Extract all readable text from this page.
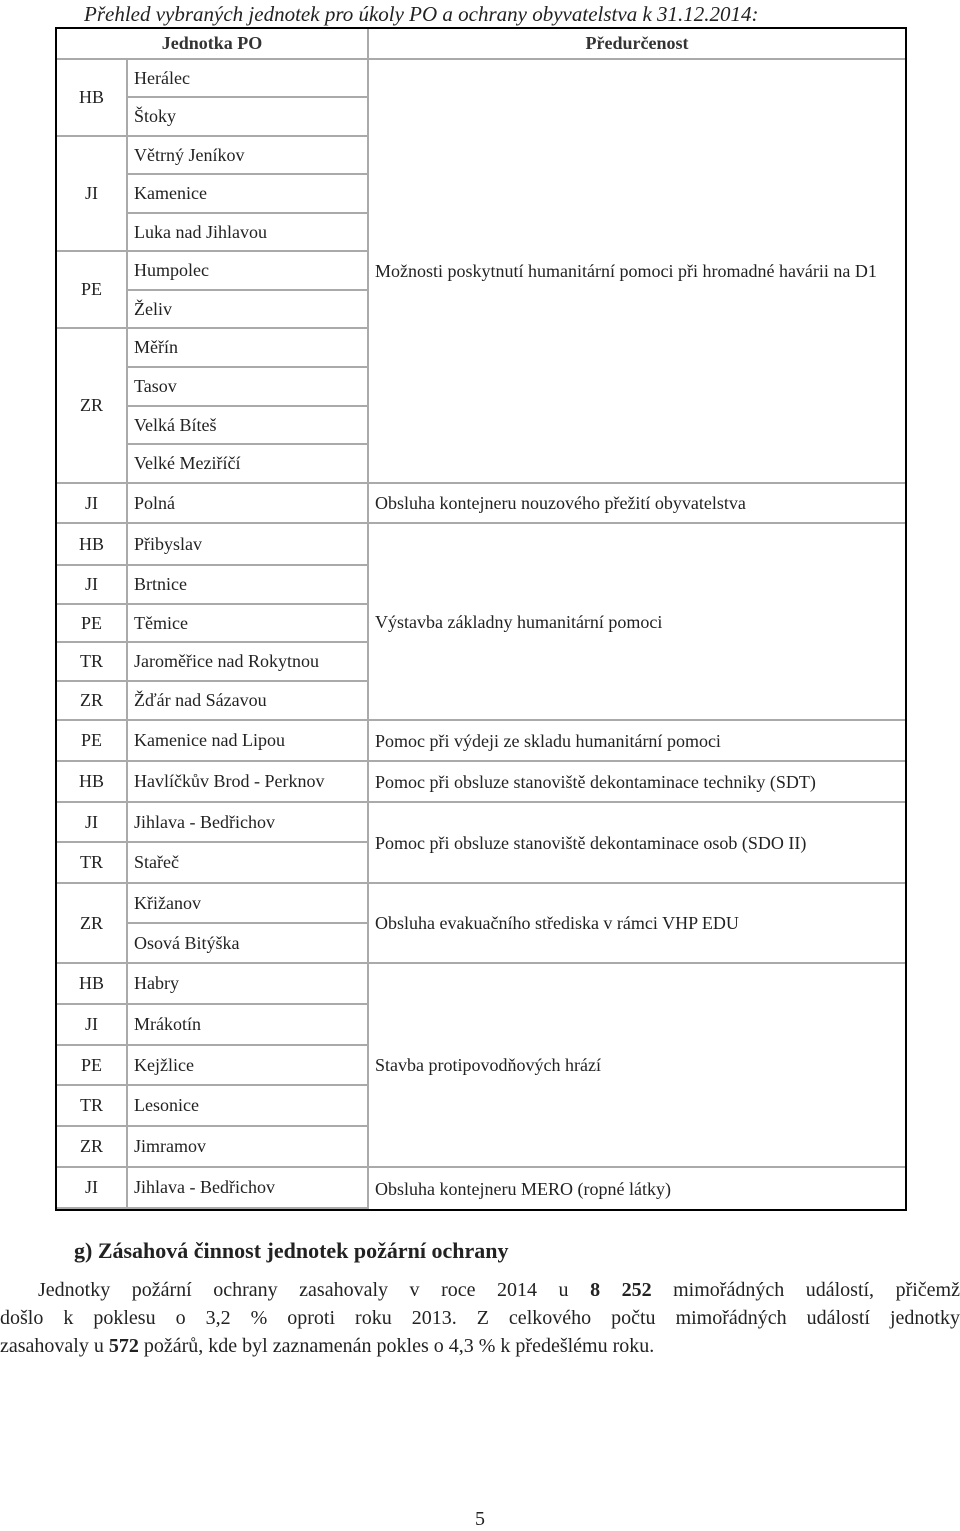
Přehled vybraných jednotek pro úkoly PO a ochrany obyvatelstva k 31.12.2014:
Jednotka PO	Předurčenost
HB
JI
PE
ZR
JI
HB
JI
PE
TR
ZR
PE
HB
JI
TR
ZR
HB
JI
PE
TR
ZR
JI
Herálec
Štoky
Větrný Jeníkov
Kamenice
Luka nad Jihlavou
Humpolec
Želiv
Měřín
Tasov
Velká Bíteš
Velké Meziříčí
Polná
Přibyslav
Brtnice
Těmice
Jaroměřice nad Rokytnou
Žďár nad Sázavou
Kamenice nad Lipou
Havlíčkův Brod - Perknov
Jihlava - Bedřichov
Stařeč
Křižanov
Osová Bitýška
Habry
Mrákotín
Kejžlice
Lesonice
Jimramov
Jihlava - Bedřichov
Možnosti poskytnutí humanitární pomoci při hromadné havárii na D1
Obsluha kontejneru nouzového přežití obyvatelstva
Výstavba základny humanitární pomoci
Pomoc při výdeji ze skladu humanitární pomoci
Pomoc při obsluze stanoviště dekontaminace techniky (SDT)
Pomoc při obsluze stanoviště dekontaminace osob (SDO II)
Obsluha evakuačního střediska v rámci VHP EDU
Stavba protipovodňových hrází
Obsluha kontejneru MERO (ropné látky)
g) Zásahová činnost jednotek požární ochrany
Jednotky požární ochrany zasahovaly v roce 2014 u 8 252 mimořádných událostí, přičemž
došlo k poklesu o 3,2 % oproti roku 2013. Z celkového počtu mimořádných událostí jednotky
zasahovaly u 572 požárů, kde byl zaznamenán pokles o 4,3 % k předešlému roku.
5
